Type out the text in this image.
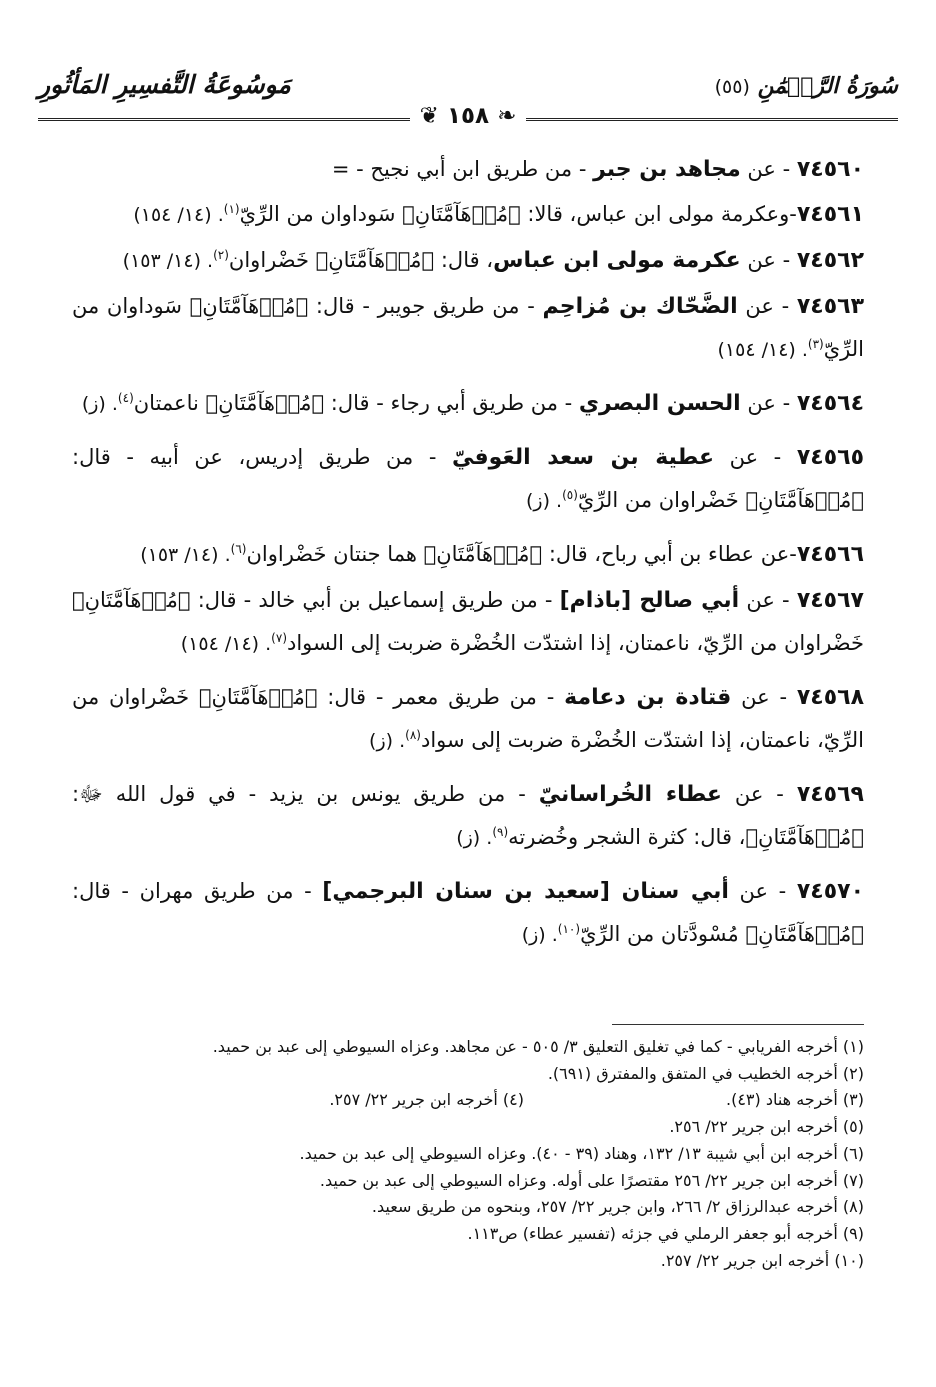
سُورَةُ الرَّحۡمَٰنِ (٥٥)
مَوسُوعَةُ التَّفسِيرِ المَأثُورِ
❦ ١٥٨ ❧
٧٤٥٦٠ - عن مجاهد بن جبر - من طريق ابن أبي نجيح - =
٧٤٥٦١-وعكرمة مولى ابن عباس، قالا: ﴿مُدۡهَآمَّتَانِ﴾ سَوداوان من الرِّيّ$^{(١)}$. (١٤/ ١٥٤)
٧٤٥٦٢ - عن عكرمة مولى ابن عباس، قال: ﴿مُدۡهَآمَّتَانِ﴾ خَضْراوان$^{(٢)}$. (١٤/ ١٥٣)
٧٤٥٦٣ - عن الضَّحّاك بن مُزاحِم - من طريق جويبر - قال: ﴿مُدۡهَآمَّتَانِ﴾ سَوداوان من الرِّيّ$^{(٣)}$. (١٤/ ١٥٤)
٧٤٥٦٤ - عن الحسن البصري - من طريق أبي رجاء - قال: ﴿مُدۡهَآمَّتَانِ﴾ ناعمتان$^{(٤)}$. (ز)
٧٤٥٦٥ - عن عطية بن سعد العَوفيّ - من طريق إدريس، عن أبيه - قال: ﴿مُدۡهَآمَّتَانِ﴾ خَضْراوان من الرِّيّ$^{(٥)}$. (ز)
٧٤٥٦٦-عن عطاء بن أبي رباح، قال: ﴿مُدۡهَآمَّتَانِ﴾ هما جنتان خَضْراوان$^{(٦)}$. (١٤/ ١٥٣)
٧٤٥٦٧ - عن أبي صالح [باذام] - من طريق إسماعيل بن أبي خالد - قال: ﴿مُدۡهَآمَّتَانِ﴾ خَضْراوان من الرِّيّ، ناعمتان، إذا اشتدّت الخُضْرة ضربت إلى السواد$^{(٧)}$. (١٤/ ١٥٤)
٧٤٥٦٨ - عن قتادة بن دعامة - من طريق معمر - قال: ﴿مُدۡهَآمَّتَانِ﴾ خَضْراوان من الرِّيّ، ناعمتان، إذا اشتدّت الخُضْرة ضربت إلى سواد$^{(٨)}$. (ز)
٧٤٥٦٩ - عن عطاء الخُراسانيّ - من طريق يونس بن يزيد - في قول الله ﷻ: ﴿مُدۡهَآمَّتَانِ﴾، قال: كثرة الشجر وخُضرته$^{(٩)}$. (ز)
٧٤٥٧٠ - عن أبي سنان [سعيد بن سنان البرجمي] - من طريق مهران - قال: ﴿مُدۡهَآمَّتَانِ﴾ مُسْودَّتان من الرِّيّ$^{(١٠)}$. (ز)
(١) أخرجه الفريابي - كما في تغليق التعليق ٣/ ٥٠٥ - عن مجاهد. وعزاه السيوطي إلى عبد بن حميد.
(٢) أخرجه الخطيب في المتفق والمفترق (٦٩١).
(٣) أخرجه هناد (٤٣).
(٤) أخرجه ابن جرير ٢٢/ ٢٥٧.
(٥) أخرجه ابن جرير ٢٢/ ٢٥٦.
(٦) أخرجه ابن أبي شيبة ١٣/ ١٣٢، وهناد (٣٩ - ٤٠). وعزاه السيوطي إلى عبد بن حميد.
(٧) أخرجه ابن جرير ٢٢/ ٢٥٦ مقتصرًا على أوله. وعزاه السيوطي إلى عبد بن حميد.
(٨) أخرجه عبدالرزاق ٢/ ٢٦٦، وابن جرير ٢٢/ ٢٥٧، وبنحوه من طريق سعيد.
(٩) أخرجه أبو جعفر الرملي في جزئه (تفسير عطاء) ص١١٣.
(١٠) أخرجه ابن جرير ٢٢/ ٢٥٧.
